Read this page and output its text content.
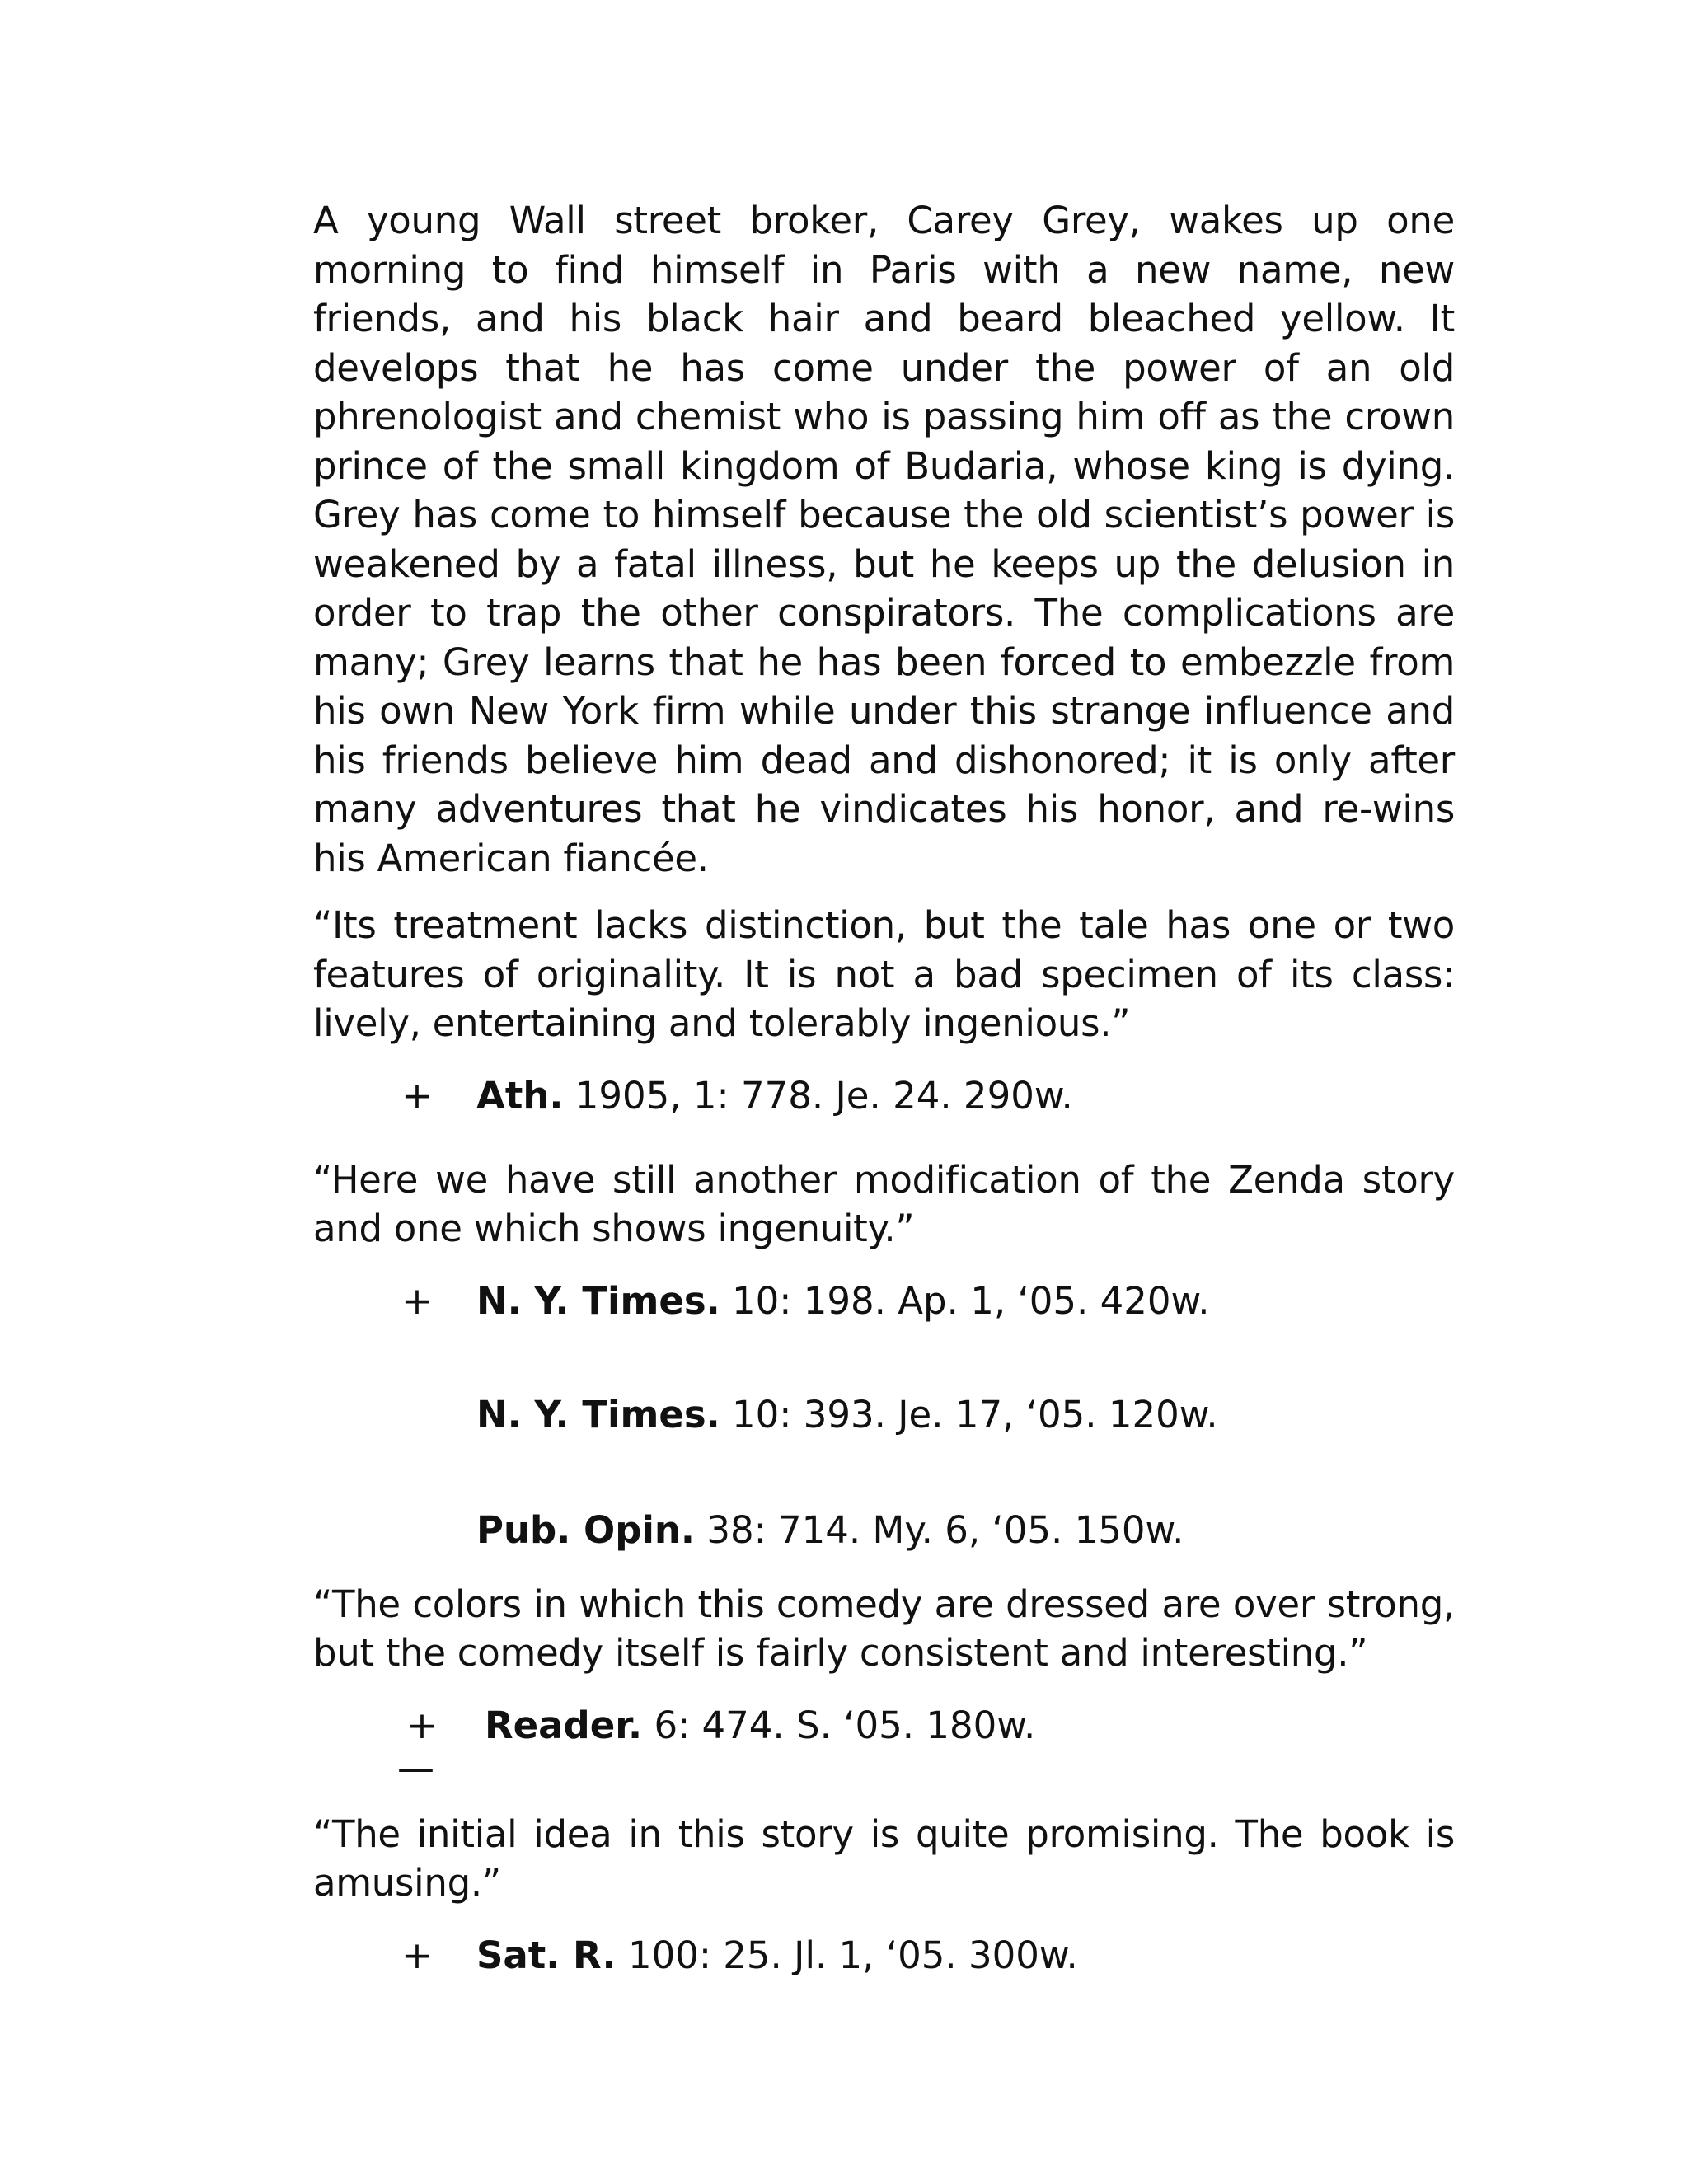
A young Wall street broker, Carey Grey, wakes up one morning to find himself in Paris with a new name, new friends, and his black hair and beard bleached yellow. It develops that he has come under the power of an old phrenologist and chemist who is passing him off as the crown prince of the small kingdom of Budaria, whose king is dying. Grey has come to himself because the old scientist’s power is weakened by a fatal illness, but he keeps up the delusion in order to trap the other conspirators. The complications are many; Grey learns that he has been forced to embezzle from his own New York firm while under this strange influence and his friends believe him dead and dishonored; it is only after many adventures that he vindicates his honor, and re-wins his American fiancée.

“Its treatment lacks distinction, but the tale has one or two features of originality. It is not a bad specimen of its class: lively, entertaining and tolerably ingenious.”

+ Ath. 1905, 1: 778. Je. 24. 290w.

“Here we have still another modification of the Zenda story and one which shows ingenuity.”

+ N. Y. Times. 10: 198. Ap. 1, ‘05. 420w.
N. Y. Times. 10: 393. Je. 17, ‘05. 120w.
Pub. Opin. 38: 714. My. 6, ‘05. 150w.

“The colors in which this comedy are dressed are over strong, but the comedy itself is fairly consistent and interesting.”

+
—
Reader. 6: 474. S. ‘05. 180w.

“The initial idea in this story is quite promising. The book is amusing.”

+ Sat. R. 100: 25. Jl. 1, ‘05. 300w.
